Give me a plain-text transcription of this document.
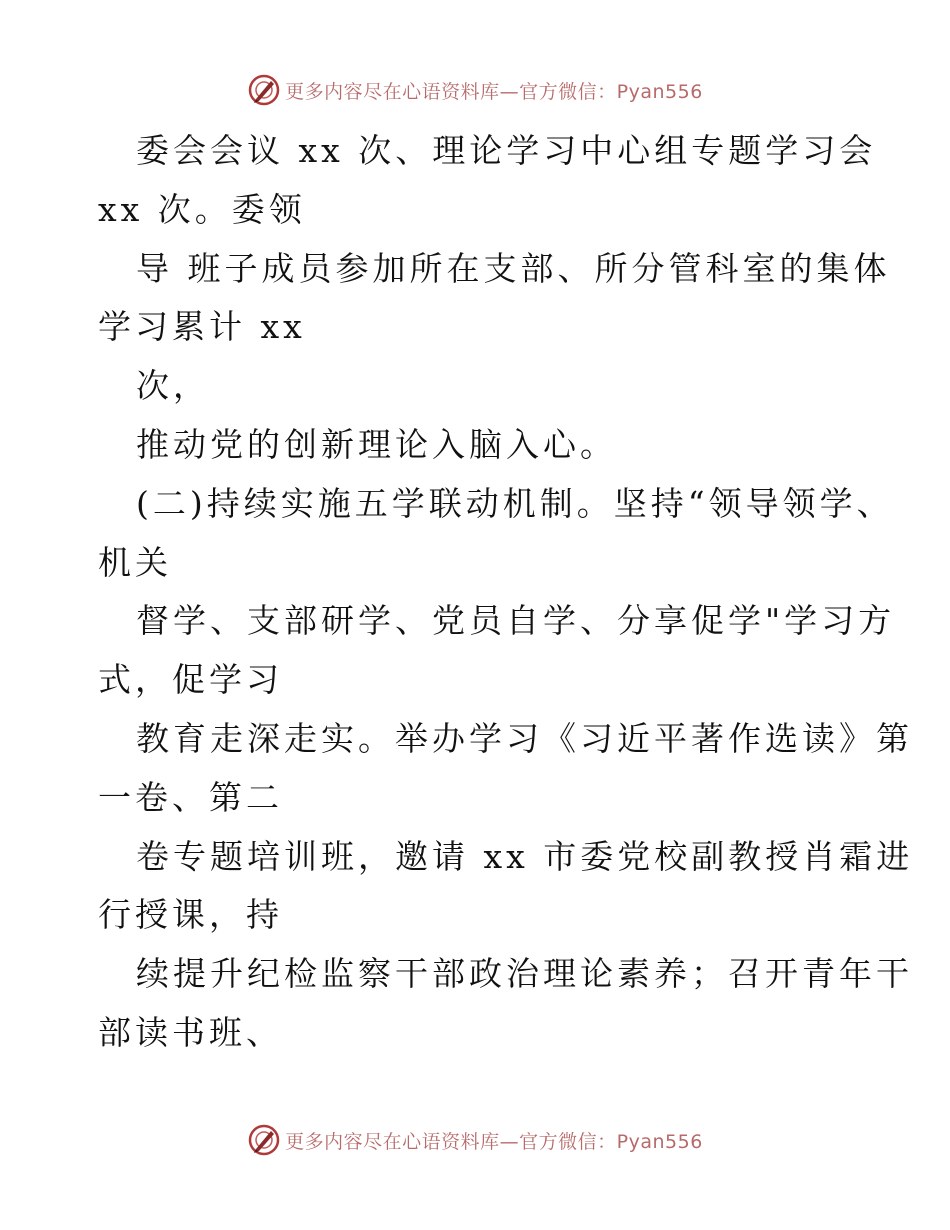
更多内容尽在心语资料库—官方微信：Pyan556
委会会议 xx 次、理论学习中心组专题学习会
xx 次。委领
导 班子成员参加所在支部、所分管科室的集体
学习累计 xx
次，
推动党的创新理论入脑入心。
(二)持续实施五学联动机制。坚持“领导领学、
机关
督学、支部研学、党员自学、分享促学"学习方
式，促学习
教育走深走实。举办学习《习近平著作选读》第
一卷、第二
卷专题培训班，邀请 xx 市委党校副教授肖霜进
行授课，持
续提升纪检监察干部政治理论素养；召开青年干
部读书班、
更多内容尽在心语资料库—官方微信：Pyan556
